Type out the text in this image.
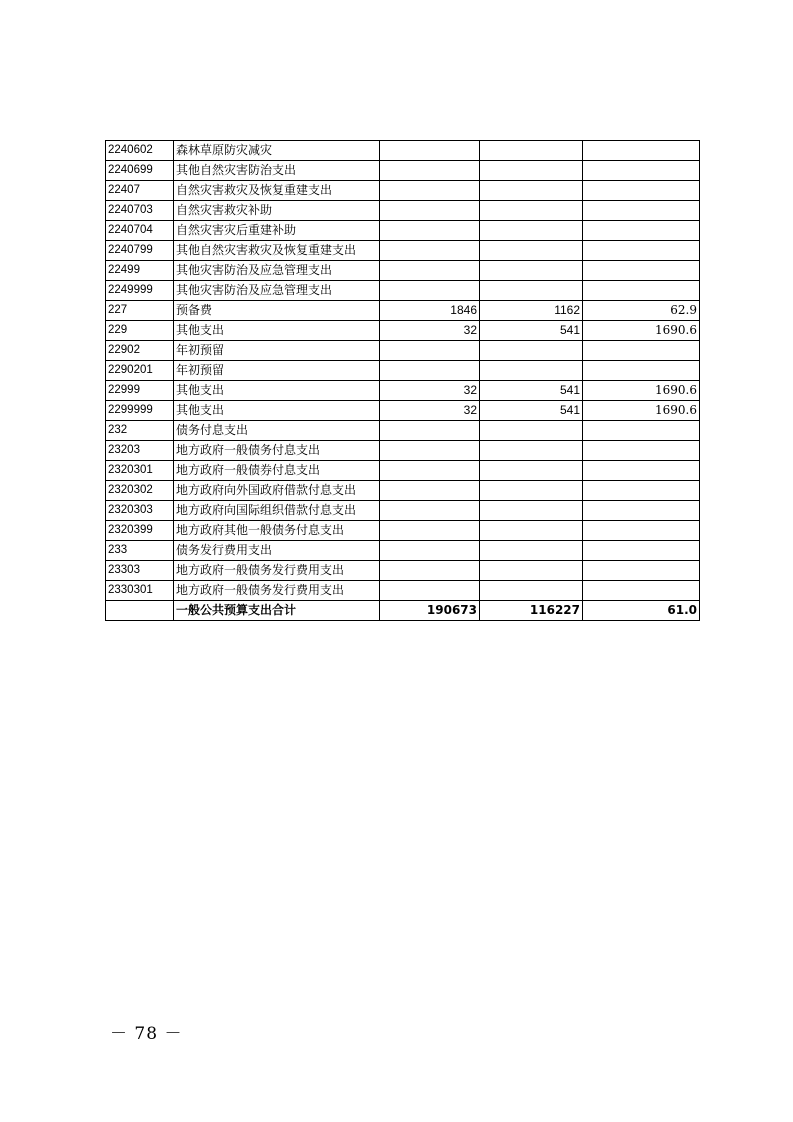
2240602	森林草原防灾减灾			
2240699	其他自然灾害防治支出			
22407	自然灾害救灾及恢复重建支出			
2240703	自然灾害救灾补助			
2240704	自然灾害灾后重建补助			
2240799	其他自然灾害救灾及恢复重建支出			
22499	其他灾害防治及应急管理支出			
2249999	其他灾害防治及应急管理支出			
227	预备费	1846	1162	62.9
229	其他支出	32	541	1690.6
22902	年初预留			
2290201	年初预留			
22999	其他支出	32	541	1690.6
2299999	其他支出	32	541	1690.6
232	债务付息支出			
23203	地方政府一般债务付息支出			
2320301	地方政府一般债券付息支出			
2320302	地方政府向外国政府借款付息支出			
2320303	地方政府向国际组织借款付息支出			
2320399	地方政府其他一般债务付息支出			
233	债务发行费用支出			
23303	地方政府一般债务发行费用支出			
2330301	地方政府一般债务发行费用支出			
	一般公共预算支出合计	190673	116227	61.0
－ 78 －
